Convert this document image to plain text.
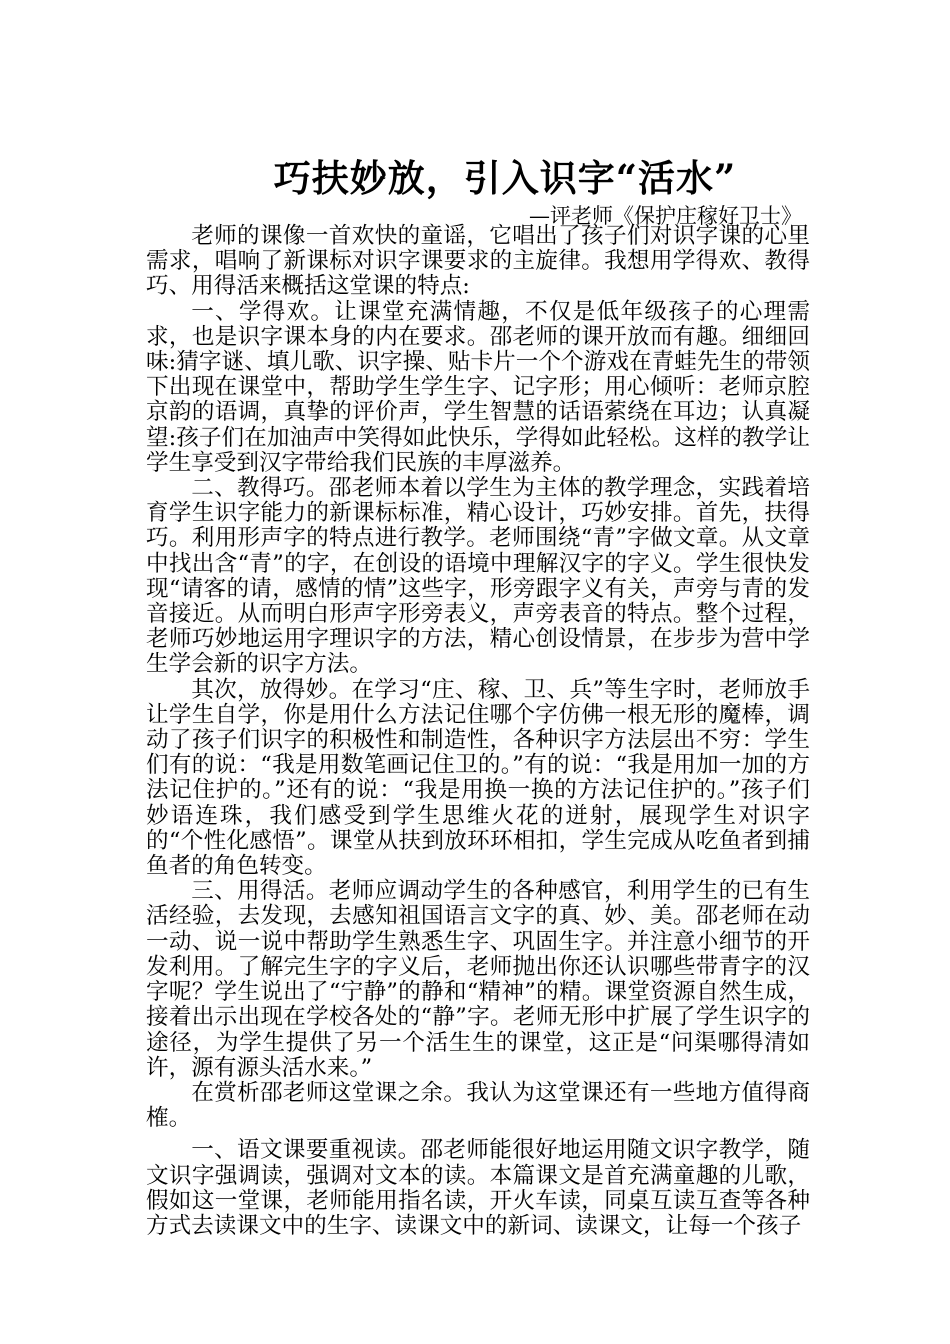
巧扶妙放，引入识字“活水”
—评老师《保护庄稼好卫士》

老师的课像一首欢快的童谣，它唱出了孩子们对识字课的心里需求，唱响了新课标对识字课要求的主旋律。我想用学得欢、教得巧、用得活来概括这堂课的特点:

一、学得欢。让课堂充满情趣，不仅是低年级孩子的心理需求，也是识字课本身的内在要求。邵老师的课开放而有趣。细细回味:猜字谜、填儿歌、识字操、贴卡片一个个游戏在青蛙先生的带领下出现在课堂中，帮助学生学生字、记字形；用心倾听：老师京腔京韵的语调，真挚的评价声，学生智慧的话语萦绕在耳边；认真凝望:孩子们在加油声中笑得如此快乐，学得如此轻松。这样的教学让学生享受到汉字带给我们民族的丰厚滋养。

二、教得巧。邵老师本着以学生为主体的教学理念，实践着培育学生识字能力的新课标标准，精心设计，巧妙安排。首先，扶得巧。利用形声字的特点进行教学。老师围绕“青”字做文章。从文章中找出含“青”的字，在创设的语境中理解汉字的字义。学生很快发现“请客的请，感情的情”这些字，形旁跟字义有关，声旁与青的发音接近。从而明白形声字形旁表义，声旁表音的特点。整个过程，老师巧妙地运用字理识字的方法，精心创设情景，在步步为营中学生学会新的识字方法。

其次，放得妙。在学习“庄、稼、卫、兵”等生字时，老师放手让学生自学，你是用什么方法记住哪个字仿佛一根无形的魔棒，调动了孩子们识字的积极性和制造性，各种识字方法层出不穷：学生们有的说：“我是用数笔画记住卫的。”有的说：“我是用加一加的方法记住护的。”还有的说：“我是用换一换的方法记住护的。”孩子们妙语连珠，我们感受到学生思维火花的迸射，展现学生对识字的“个性化感悟”。课堂从扶到放环环相扣，学生完成从吃鱼者到捕鱼者的角色转变。

三、用得活。老师应调动学生的各种感官，利用学生的已有生活经验，去发现，去感知祖国语言文字的真、妙、美。邵老师在动一动、说一说中帮助学生熟悉生字、巩固生字。并注意小细节的开发利用。了解完生字的字义后，老师抛出你还认识哪些带青字的汉字呢？学生说出了“宁静”的静和“精神”的精。课堂资源自然生成，接着出示出现在学校各处的“静”字。老师无形中扩展了学生识字的途径，为学生提供了另一个活生生的课堂，这正是“问渠哪得清如许，源有源头活水来。”

在赏析邵老师这堂课之余。我认为这堂课还有一些地方值得商榷。

一、语文课要重视读。邵老师能很好地运用随文识字教学，随文识字强调读，强调对文本的读。本篇课文是首充满童趣的儿歌，假如这一堂课，老师能用指名读，开火车读，同桌互读互查等各种方式去读课文中的生字、读课文中的新词、读课文，让每一个孩子
